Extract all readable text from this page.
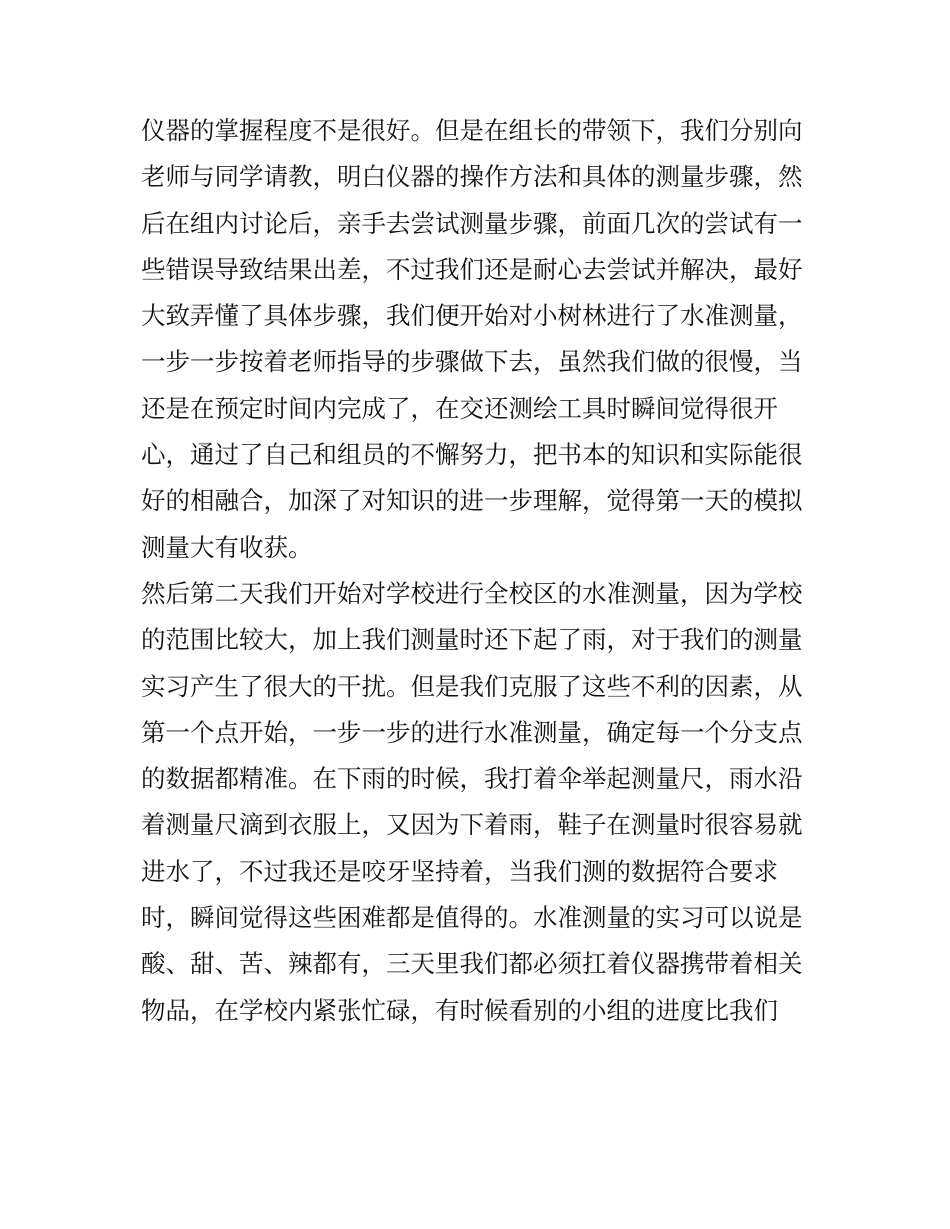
仪器的掌握程度不是很好。但是在组长的带领下，我们分别向
老师与同学请教，明白仪器的操作方法和具体的测量步骤，然
后在组内讨论后，亲手去尝试测量步骤，前面几次的尝试有一
些错误导致结果出差，不过我们还是耐心去尝试并解决，最好
大致弄懂了具体步骤，我们便开始对小树林进行了水准测量，
一步一步按着老师指导的步骤做下去，虽然我们做的很慢，当
还是在预定时间内完成了，在交还测绘工具时瞬间觉得很开
心，通过了自己和组员的不懈努力，把书本的知识和实际能很
好的相融合，加深了对知识的进一步理解，觉得第一天的模拟
测量大有收获。
然后第二天我们开始对学校进行全校区的水准测量，因为学校
的范围比较大，加上我们测量时还下起了雨，对于我们的测量
实习产生了很大的干扰。但是我们克服了这些不利的因素，从
第一个点开始，一步一步的进行水准测量，确定每一个分支点
的数据都精准。在下雨的时候，我打着伞举起测量尺，雨水沿
着测量尺滴到衣服上，又因为下着雨，鞋子在测量时很容易就
进水了，不过我还是咬牙坚持着，当我们测的数据符合要求
时，瞬间觉得这些困难都是值得的。水准测量的实习可以说是
酸、甜、苦、辣都有，三天里我们都必须扛着仪器携带着相关
物品，在学校内紧张忙碌，有时候看别的小组的进度比我们
